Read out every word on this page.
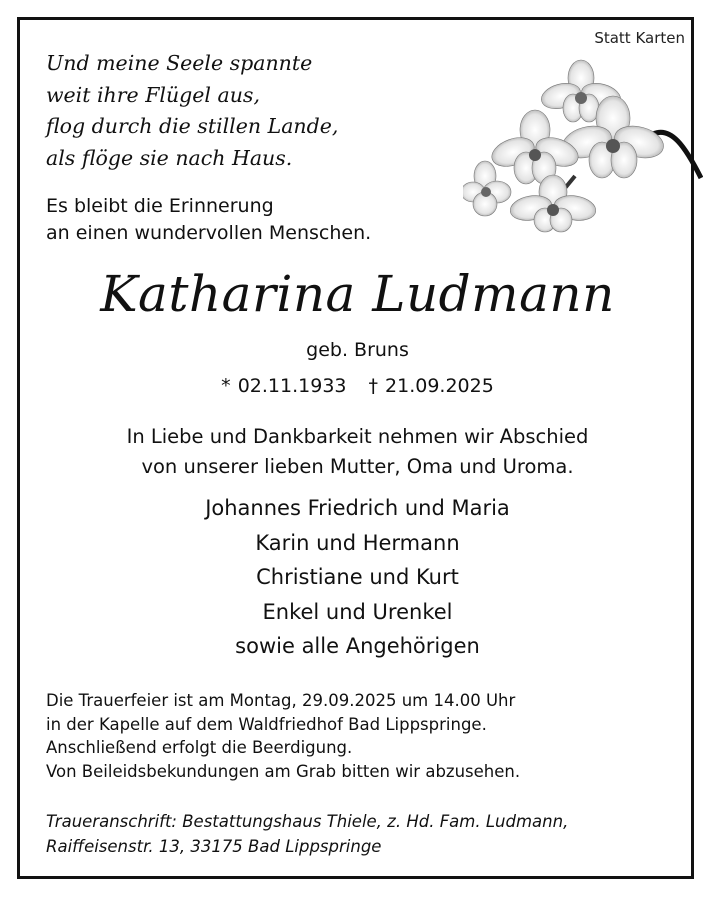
Statt Karten
Und meine Seele spannte
weit ihre Flügel aus,
flog durch die stillen Lande,
als flöge sie nach Haus.
Es bleibt die Erinnerung
an einen wundervollen Menschen.
Katharina Ludmann
geb. Bruns
* 02.11.1933 † 21.09.2025
In Liebe und Dankbarkeit nehmen wir Abschied
von unserer lieben Mutter, Oma und Uroma.
Johannes Friedrich und Maria
Karin und Hermann
Christiane und Kurt
Enkel und Urenkel
sowie alle Angehörigen
Die Trauerfeier ist am Montag, 29.09.2025 um 14.00 Uhr
in der Kapelle auf dem Waldfriedhof Bad Lippspringe.
Anschließend erfolgt die Beerdigung.
Von Beileidsbekundungen am Grab bitten wir abzusehen.
Traueranschrift: Bestattungshaus Thiele, z. Hd. Fam. Ludmann,
Raiffeisenstr. 13, 33175 Bad Lippspringe
